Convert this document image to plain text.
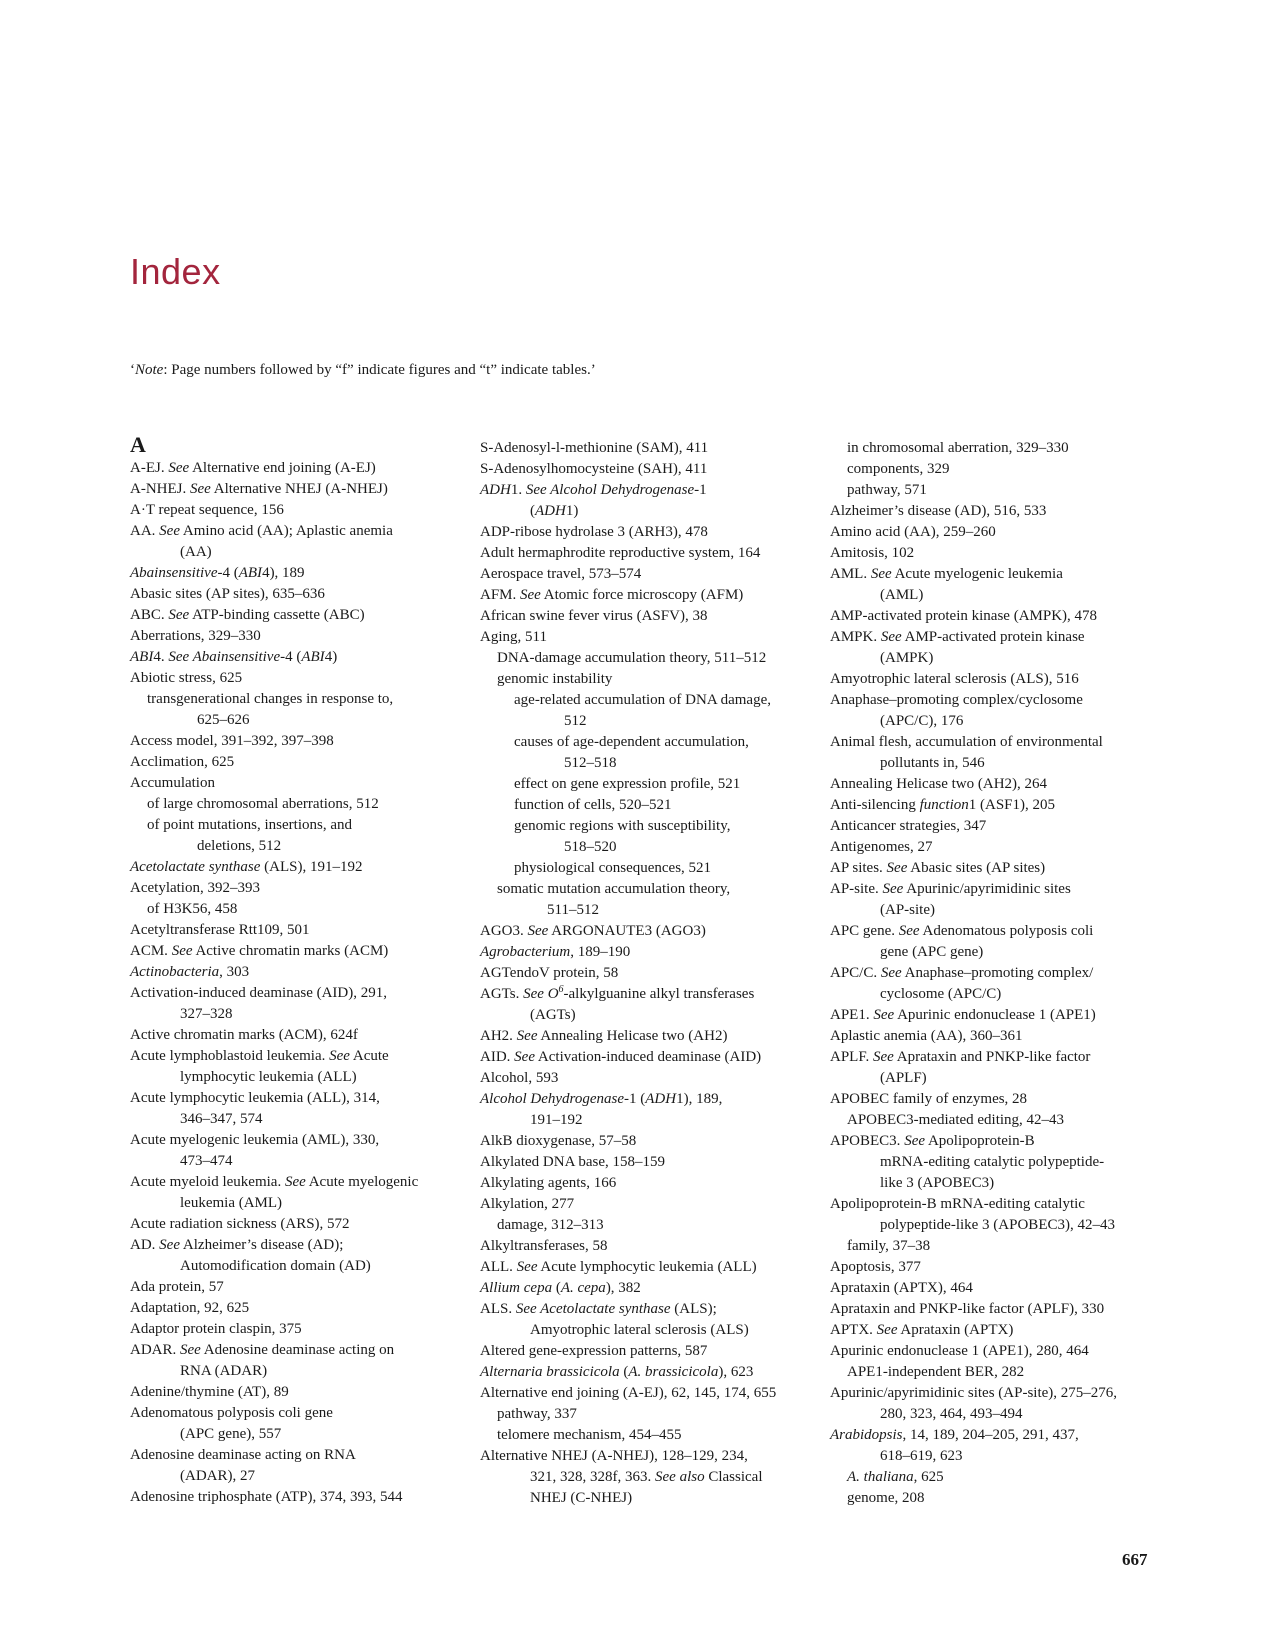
Index

‘Note: Page numbers followed by “f” indicate figures and “t” indicate tables.’

A
A-EJ. See Alternative end joining (A-EJ)
A-NHEJ. See Alternative NHEJ (A-NHEJ)
A·T repeat sequence, 156
AA. See Amino acid (AA); Aplastic anemia
(AA)
Abainsensitive-4 (ABI4), 189
Abasic sites (AP sites), 635–636
ABC. See ATP-binding cassette (ABC)
Aberrations, 329–330
ABI4. See Abainsensitive-4 (ABI4)
Abiotic stress, 625
transgenerational changes in response to,
625–626
Access model, 391–392, 397–398
Acclimation, 625
Accumulation
of large chromosomal aberrations, 512
of point mutations, insertions, and
deletions, 512
Acetolactate synthase (ALS), 191–192
Acetylation, 392–393
of H3K56, 458
Acetyltransferase Rtt109, 501
ACM. See Active chromatin marks (ACM)
Actinobacteria, 303
Activation-induced deaminase (AID), 291,
327–328
Active chromatin marks (ACM), 624f
Acute lymphoblastoid leukemia. See Acute
lymphocytic leukemia (ALL)
Acute lymphocytic leukemia (ALL), 314,
346–347, 574
Acute myelogenic leukemia (AML), 330,
473–474
Acute myeloid leukemia. See Acute myelogenic
leukemia (AML)
Acute radiation sickness (ARS), 572
AD. See Alzheimer’s disease (AD);
Automodification domain (AD)
Ada protein, 57
Adaptation, 92, 625
Adaptor protein claspin, 375
ADAR. See Adenosine deaminase acting on
RNA (ADAR)
Adenine/thymine (AT), 89
Adenomatous polyposis coli gene
(APC gene), 557
Adenosine deaminase acting on RNA
(ADAR), 27
Adenosine triphosphate (ATP), 374, 393, 544
S-Adenosyl-l-methionine (SAM), 411
S-Adenosylhomocysteine (SAH), 411
ADH1. See Alcohol Dehydrogenase-1
(ADH1)
ADP-ribose hydrolase 3 (ARH3), 478
Adult hermaphrodite reproductive system, 164
Aerospace travel, 573–574
AFM. See Atomic force microscopy (AFM)
African swine fever virus (ASFV), 38
Aging, 511
DNA-damage accumulation theory, 511–512
genomic instability
age-related accumulation of DNA damage,
512
causes of age-dependent accumulation,
512–518
effect on gene expression profile, 521
function of cells, 520–521
genomic regions with susceptibility,
518–520
physiological consequences, 521
somatic mutation accumulation theory,
511–512
AGO3. See ARGONAUTE3 (AGO3)
Agrobacterium, 189–190
AGTendoV protein, 58
AGTs. See $O^6$-alkylguanine alkyl transferases
(AGTs)
AH2. See Annealing Helicase two (AH2)
AID. See Activation-induced deaminase (AID)
Alcohol, 593
Alcohol Dehydrogenase-1 (ADH1), 189,
191–192
AlkB dioxygenase, 57–58
Alkylated DNA base, 158–159
Alkylating agents, 166
Alkylation, 277
damage, 312–313
Alkyltransferases, 58
ALL. See Acute lymphocytic leukemia (ALL)
Allium cepa (A. cepa), 382
ALS. See Acetolactate synthase (ALS);
Amyotrophic lateral sclerosis (ALS)
Altered gene-expression patterns, 587
Alternaria brassicicola (A. brassicicola), 623
Alternative end joining (A-EJ), 62, 145, 174, 655
pathway, 337
telomere mechanism, 454–455
Alternative NHEJ (A-NHEJ), 128–129, 234,
321, 328, 328f, 363. See also Classical
NHEJ (C-NHEJ)
in chromosomal aberration, 329–330
components, 329
pathway, 571
Alzheimer’s disease (AD), 516, 533
Amino acid (AA), 259–260
Amitosis, 102
AML. See Acute myelogenic leukemia
(AML)
AMP-activated protein kinase (AMPK), 478
AMPK. See AMP-activated protein kinase
(AMPK)
Amyotrophic lateral sclerosis (ALS), 516
Anaphase–promoting complex/cyclosome
(APC/C), 176
Animal flesh, accumulation of environmental
pollutants in, 546
Annealing Helicase two (AH2), 264
Anti-silencing function1 (ASF1), 205
Anticancer strategies, 347
Antigenomes, 27
AP sites. See Abasic sites (AP sites)
AP-site. See Apurinic/apyrimidinic sites
(AP-site)
APC gene. See Adenomatous polyposis coli
gene (APC gene)
APC/C. See Anaphase–promoting complex/
cyclosome (APC/C)
APE1. See Apurinic endonuclease 1 (APE1)
Aplastic anemia (AA), 360–361
APLF. See Aprataxin and PNKP-like factor
(APLF)
APOBEC family of enzymes, 28
APOBEC3-mediated editing, 42–43
APOBEC3. See Apolipoprotein-B
mRNA-editing catalytic polypeptide-
like 3 (APOBEC3)
Apolipoprotein-B mRNA-editing catalytic
polypeptide-like 3 (APOBEC3), 42–43
family, 37–38
Apoptosis, 377
Aprataxin (APTX), 464
Aprataxin and PNKP-like factor (APLF), 330
APTX. See Aprataxin (APTX)
Apurinic endonuclease 1 (APE1), 280, 464
APE1-independent BER, 282
Apurinic/apyrimidinic sites (AP-site), 275–276,
280, 323, 464, 493–494
Arabidopsis, 14, 189, 204–205, 291, 437,
618–619, 623
A. thaliana, 625
genome, 208
667
